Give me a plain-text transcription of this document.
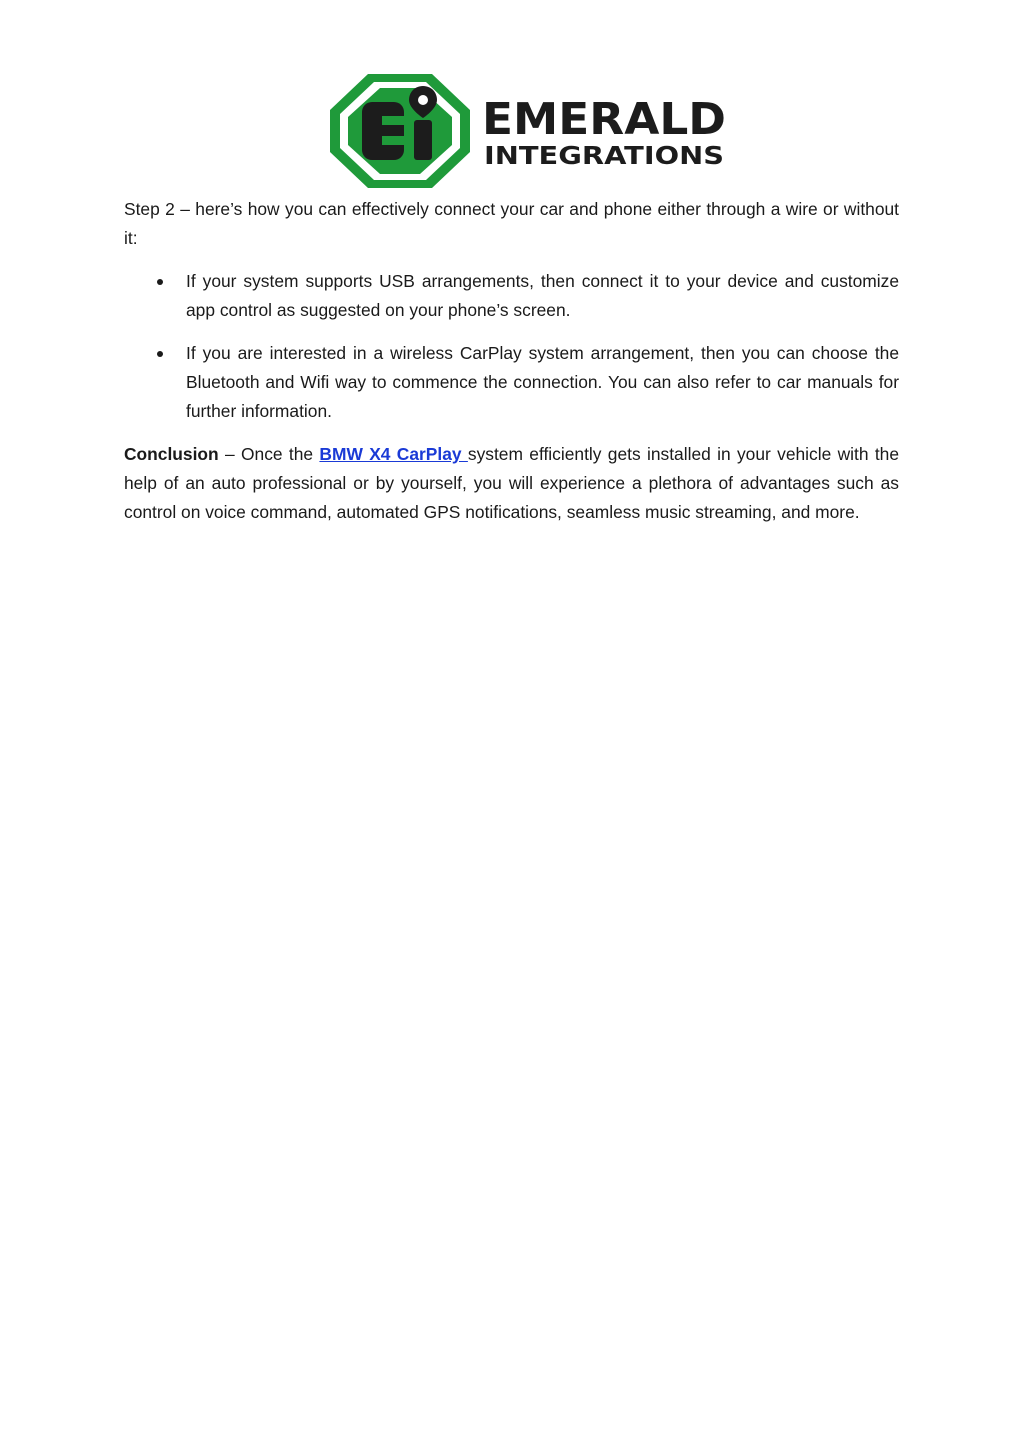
EMERALD
INTEGRATIONS

Step 2 – here’s how you can effectively connect your car and phone either through a wire or without it:

If your system supports USB arrangements, then connect it to your device and customize app control as suggested on your phone’s screen.
If you are interested in a wireless CarPlay system arrangement, then you can choose the Bluetooth and Wifi way to commence the connection. You can also refer to car manuals for further information.

Conclusion – Once the BMW X4 CarPlay system efficiently gets installed in your vehicle with the help of an auto professional or by yourself, you will experience a plethora of advantages such as control on voice command, automated GPS notifications, seamless music streaming, and more.
